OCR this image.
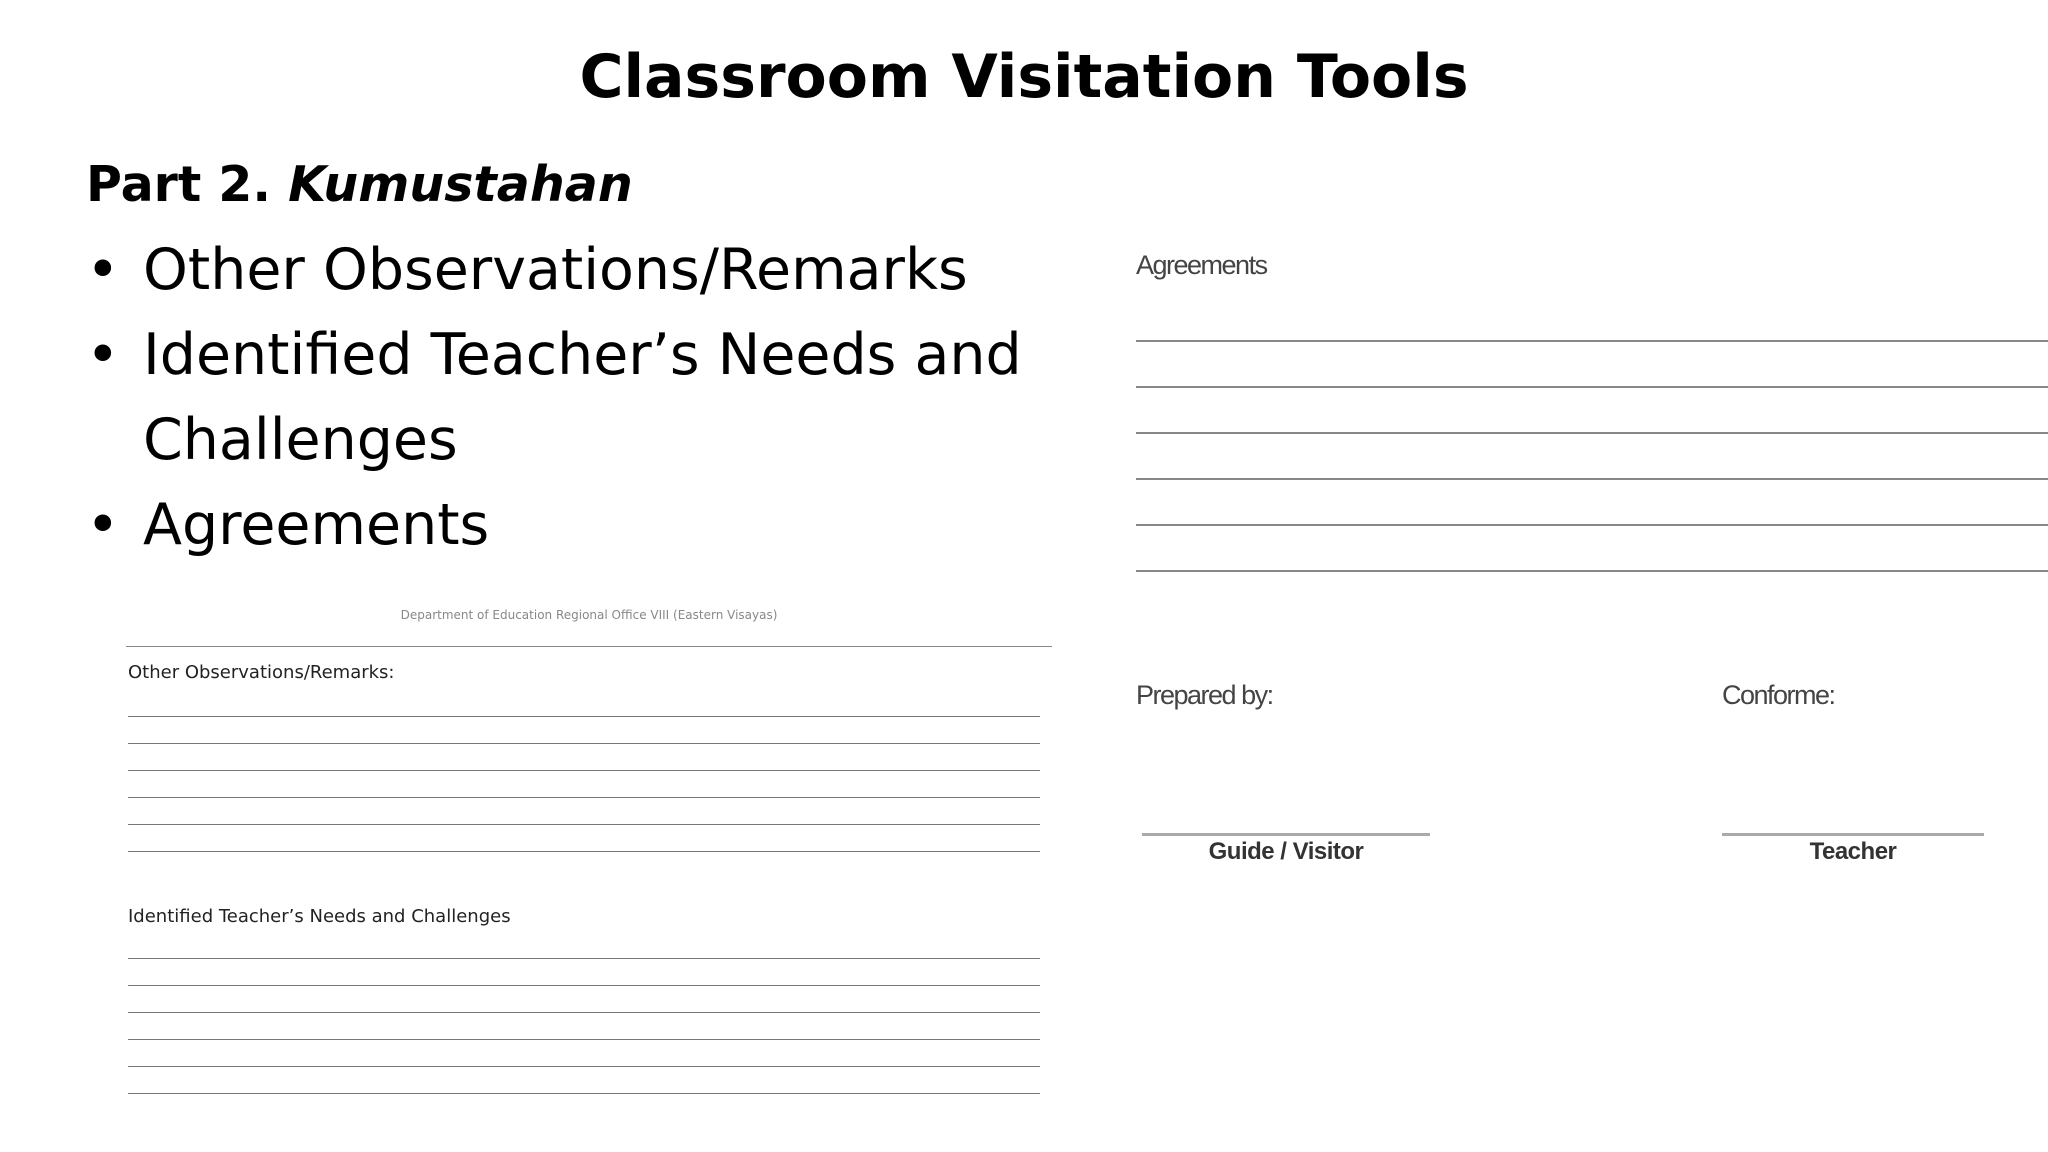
Classroom Visitation Tools
Part 2. Kumustahan
• Other Observations/Remarks
• Identified Teacher’s Needs and Challenges
• Agreements
Department of Education Regional Office VIII (Eastern Visayas)
Other Observations/Remarks:
Identified Teacher’s Needs and Challenges
Agreements
Prepared by:	Conforme:
Guide / Visitor	Teacher
